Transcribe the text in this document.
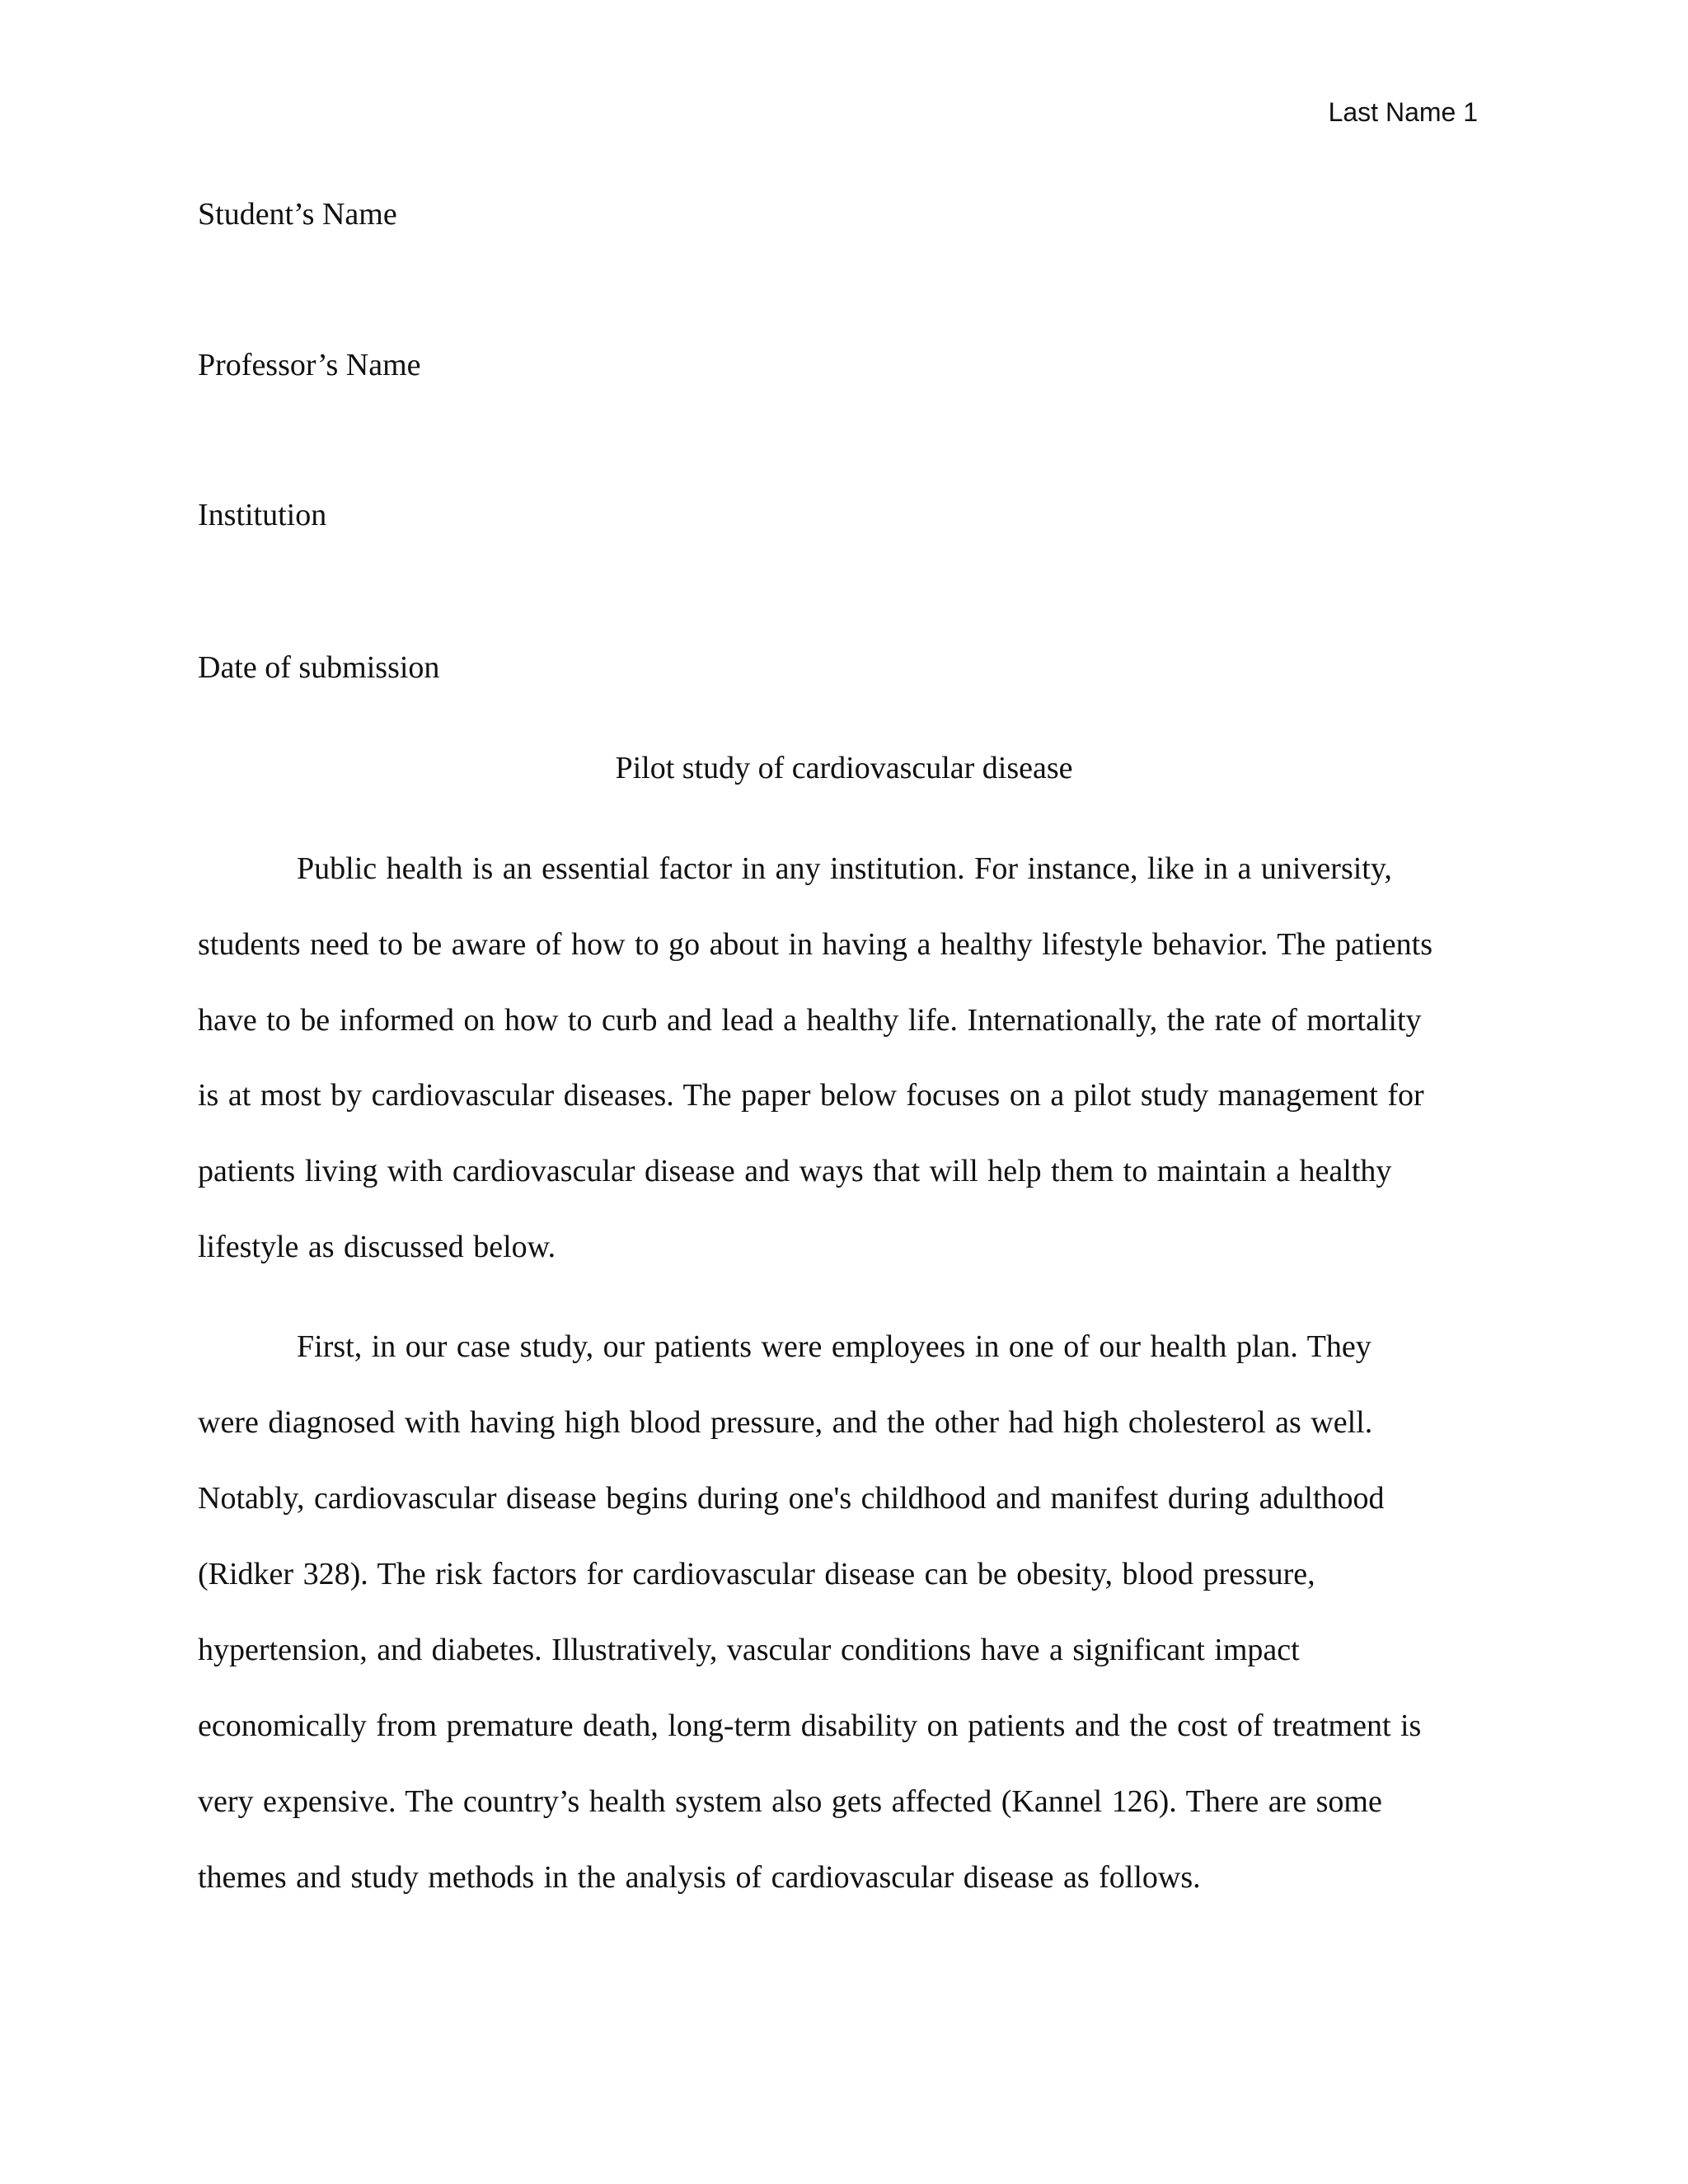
Last Name 1
Student’s Name
Professor’s Name
Institution
Date of submission
Pilot study of cardiovascular disease
Public health is an essential factor in any institution. For instance, like in a university,
students need to be aware of how to go about in having a healthy lifestyle behavior. The patients
have to be informed on how to curb and lead a healthy life. Internationally, the rate of mortality
is at most by cardiovascular diseases. The paper below focuses on a pilot study management for
patients living with cardiovascular disease and ways that will help them to maintain a healthy
lifestyle as discussed below.
First, in our case study, our patients were employees in one of our health plan. They
were diagnosed with having high blood pressure, and the other had high cholesterol as well.
Notably, cardiovascular disease begins during one's childhood and manifest during adulthood
(Ridker 328). The risk factors for cardiovascular disease can be obesity, blood pressure,
hypertension, and diabetes. Illustratively, vascular conditions have a significant impact
economically from premature death, long-term disability on patients and the cost of treatment is
very expensive. The country’s health system also gets affected (Kannel 126). There are some
themes and study methods in the analysis of cardiovascular disease as follows.
